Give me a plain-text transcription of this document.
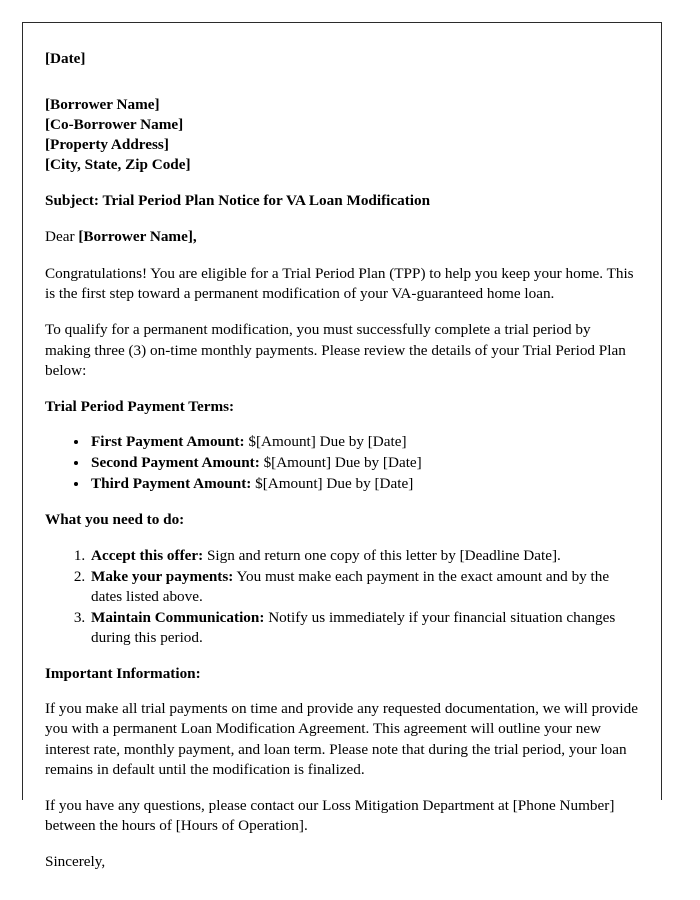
[Date]
[Borrower Name]
[Co-Borrower Name]
[Property Address]
[City, State, Zip Code]
Subject: Trial Period Plan Notice for VA Loan Modification
Dear [Borrower Name],

Congratulations! You are eligible for a Trial Period Plan (TPP) to help you keep your home. This is the first step toward a permanent modification of your VA-guaranteed home loan.

To qualify for a permanent modification, you must successfully complete a trial period by making three (3) on-time monthly payments. Please review the details of your Trial Period Plan below:

Trial Period Payment Terms:
• First Payment Amount: $[Amount] Due by [Date]
• Second Payment Amount: $[Amount] Due by [Date]
• Third Payment Amount: $[Amount] Due by [Date]
What you need to do:
1. Accept this offer: Sign and return one copy of this letter by [Deadline Date].
2. Make your payments: You must make each payment in the exact amount and by the dates listed above.
3. Maintain Communication: Notify us immediately if your financial situation changes during this period.
Important Information:

If you make all trial payments on time and provide any requested documentation, we will provide you with a permanent Loan Modification Agreement. This agreement will outline your new interest rate, monthly payment, and loan term. Please note that during the trial period, your loan remains in default until the modification is finalized.

If you have any questions, please contact our Loss Mitigation Department at [Phone Number] between the hours of [Hours of Operation].

Sincerely,
